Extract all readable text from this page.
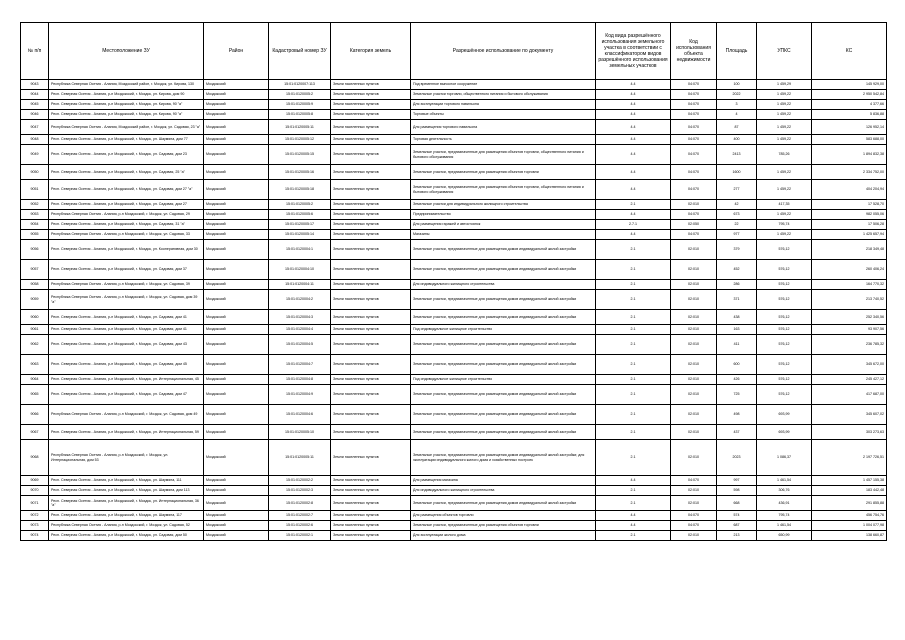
№ п/п	Местоположение ЗУ	Район	Кадастровый номер ЗУ	Категория земель	Разрешённое использование по документу	Код вида разрешённого использования земельного участка в соответствии с классификатором видов разрешённого использования земельных участков	Код использования объекта недвижимости	Площадь	УПКС	КС
9043	Республика Северная Осетия - Алания, Моздокский район, г. Моздок, ул. Кирова, 130	Моздокский	15:01:0120007:113	Земли населенных пунктов	Под временное выносное сооружение	4.4	04:070	100	1 459,29	145 929,00
9044	Респ. Северная Осетия - Алания, р-н Моздокский, г. Моздок, ул. Кирова, дом 90	Моздокский	15:01:0120005:2	Земли населенных пунктов	Земельные участки торговли, общественного питания и бытового обслуживания	4.4	04:070	2022	1 459,22	2 950 542,84
9045	Респ. Северная Осетия - Алания, р-н Моздокский, г. Моздок, ул. Кирова, 90 "а"	Моздокский	15:01:0120005:9	Земли населенных пунктов	Для эксплуатации торгового павильона	4.4	04:070	3	1 459,22	4 377,66
9046	Респ. Северная Осетия - Алания, р-н Моздокский, г. Моздок, ул. Кирова, 90 "а"	Моздокский	15:01:0120005:8	Земли населенных пунктов	Торговые объекты	4.4	04:070	4	1 459,22	5 836,88
9047	Республика Северная Осетия - Алания, Моздокский район, г. Моздок, ул. Садовая, 23 "а"	Моздокский	15:01:0120005:11	Земли населенных пунктов	Для размещения торгового павильона	4.4	04:070	87	1 459,22	126 952,14
9048	Респ. Северная Осетия - Алания, р-н Моздокский, г. Моздок, ул. Шаумяна, дом 77	Моздокский	15:01:0120005:12	Земли населенных пунктов	Торговая деятельность	4.4	04:070	400	1 459,22	583 688,00
9049	Респ. Северная Осетия - Алания, р-н Моздокский, г. Моздок, ул. Садовая, дом 23	Моздокский	15:01:0120005:15	Земли населенных пунктов	Земельные участки, предназначенные для размещения объектов торговли, общественного питания и бытового обслуживания	4.4	04:070	2413	785,26	1 894 832,38
9050	Респ. Северная Осетия - Алания, р-н Моздокский, г. Моздок, ул. Садовая, 25 "а"	Моздокский	15:01:0120005:16	Земли населенных пунктов	Земельные участки, предназначенные для размещения объектов торговли	4.4	04:070	1600	1 459,22	2 334 752,00
9051	Респ. Северная Осетия - Алания, р-н Моздокский, г. Моздок, ул. Садовая, дом 27 "а"	Моздокский	15:01:0120005:18	Земли населенных пунктов	Земельные участки, предназначенные для размещения объектов торговли, общественного питания и бытового обслуживания	4.4	04:070	277	1 459,22	404 204,94
9052	Респ. Северная Осетия - Алания, р-н Моздокский, г. Моздок, ул. Садовая, дом 27	Моздокский	15:01:0120005:2	Земли населенных пунктов	Земельные участки для индивидуального жилищного строительства	2.1	02:010	42	417,35	17 528,70
9053	Республика Северная Осетия - Алания, р-н Моздокский, г. Моздок, ул. Садовая, 29	Моздокский	15:01:0120005:6	Земли населенных пунктов	Предпринимательство	4.4	04:070	673	1 459,22	982 055,06
9054	Респ. Северная Осетия - Алания, р-н Моздокский, г. Моздок, ул. Садовая, 31 "а"	Моздокский	15:01:0120005:17	Земли населенных пунктов	Для размещения гаражей и автостоянок	2.7.1	02:050	22	795,74	17 506,28
9055	Республика Северная Осетия - Алания, р-н Моздокский, г. Моздок, ул. Садовая, 33	Моздокский	15:01:0120005:14	Земли населенных пунктов	Магазины	4.4	04:070	977	1 459,22	1 425 657,94
9056	Респ. Северная Осетия - Алания, р-н Моздокский, г. Моздок, ул. Кооперативная, дом 30	Моздокский	15:01:0120004:1	Земли населенных пунктов	Земельные участки, предназначенные для размещения домов индивидуальной жилой застройки	2.1	02:010	379	576,12	218 349,48
9057	Респ. Северная Осетия - Алания, р-н Моздокский, г. Моздок, ул. Садовая, дом 37	Моздокский	15:01:0120004:10	Земли населенных пунктов	Земельные участки, предназначенные для размещения домов индивидуальной жилой застройки	2.1	02:010	452	576,12	260 406,24
9058	Республика Северная Осетия - Алания, р-н Моздокский, г. Моздок, ул. Садовая, 39	Моздокский	15:01:0120004:11	Земли населенных пунктов	Для индивидуального жилищного строительства	2.1	02:010	286	576,12	164 770,32
9059	Республика Северная Осетия - Алания, р-н Моздокский, г. Моздок, ул. Садовая, дом 39 "а"	Моздокский	15:01:0120004:2	Земли населенных пунктов	Земельные участки, предназначенные для размещения домов индивидуальной жилой застройки	2.1	02:010	371	576,12	213 740,52
9060	Респ. Северная Осетия - Алания, р-н Моздокский, г. Моздок, ул. Садовая, дом 41	Моздокский	15:01:0120004:3	Земли населенных пунктов	Земельные участки, предназначенные для размещения домов индивидуальной жилой застройки	2.1	02:010	438	576,12	252 340,56
9061	Респ. Северная Осетия - Алания, р-н Моздокский, г. Моздок, ул. Садовая, дом 41	Моздокский	15:01:0120004:4	Земли населенных пунктов	Под индивидуальное жилищное строительство	2.1	02:010	163	576,12	93 907,56
9062	Респ. Северная Осетия - Алания, р-н Моздокский, г. Моздок, ул. Садовая, дом 43	Моздокский	15:01:0120004:5	Земли населенных пунктов	Земельные участки, предназначенные для размещения домов индивидуальной жилой застройки	2.1	02:010	411	576,12	236 785,32
9063	Респ. Северная Осетия - Алания, р-н Моздокский, г. Моздок, ул. Садовая, дом 45	Моздокский	15:01:0120004:7	Земли населенных пунктов	Земельные участки, предназначенные для размещения домов индивидуальной жилой застройки	2.1	02:010	600	576,12	345 672,00
9064	Респ. Северная Осетия - Алания, р-н Моздокский, г. Моздок, ул. Интернациональная, 45	Моздокский	15:01:0120004:8	Земли населенных пунктов	Под индивидуальное жилищное строительство	2.1	02:010	426	576,12	245 427,12
9065	Респ. Северная Осетия - Алания, р-н Моздокский, г. Моздок, ул. Садовая, дом 47	Моздокский	15:01:0120004:9	Земли населенных пунктов	Земельные участки, предназначенные для размещения домов индивидуальной жилой застройки	2.1	02:010	725	576,12	417 687,00
9066	Республика Северная Осетия - Алания, р-н Моздокский, г. Моздок, ул. Садовая, дом 49	Моздокский	15:01:0120004:6	Земли населенных пунктов	Земельные участки, предназначенные для размещения домов индивидуальной жилой застройки	2.1	02:010	498	693,99	345 607,02
9067	Респ. Северная Осетия - Алания, р-н Моздокский, г. Моздок, ул. Интернациональная, 59	Моздокский	15:01:0120005:10	Земли населенных пунктов	Земельные участки, предназначенные для размещения домов индивидуальной жилой застройки	2.1	02:010	437	693,99	303 273,63
9068	Республика Северная Осетия - Алания, р-н Моздокский, г. Моздок, ул. Интернациональная, дом 53	Моздокский	15:01:0120005:11	Земли населенных пунктов	Земельные участки, предназначенные для размещения домов индивидуальной жилой застройки; для эксплуатации индивидуального жилого дома и хозяйственных построек	2.1	02:010	2023	1 086,37	2 197 726,51
9069	Респ. Северная Осетия - Алания, р-н Моздокский, г. Моздок, ул. Шаумяна, 111	Моздокский	15:01:0120002:2	Земли населенных пунктов	Для размещения магазина	4.4	04:070	997	1 461,54	1 457 155,38
9070	Респ. Северная Осетия - Алания, р-н Моздокский, г. Моздок, ул. Шаумяна, дом 113	Моздокский	15:01:0120002:3	Земли населенных пунктов	Для индивидуального жилищного строительства	2.1	02:010	598	306,76	183 442,48
9071	Респ. Северная Осетия - Алания, р-н Моздокский, г. Моздок, ул. Интернациональная, 36 "а"	Моздокский	15:01:0120002:8	Земли населенных пунктов	Земельные участки, предназначенные для размещения домов индивидуальной жилой застройки	2.1	02:010	668	436,91	291 855,88
9072	Респ. Северная Осетия - Алания, р-н Моздокский, г. Моздок, ул. Шаумяна, 117	Моздокский	15:01:0120002:7	Земли населенных пунктов	Для размещения объектов торговли	4.4	04:070	574	795,74	456 754,76
9073	Республика Северная Осетия - Алания, р-н Моздокский, г. Моздок, ул. Садовая, 52	Моздокский	15:01:0120002:6	Земли населенных пунктов	Земельные участки, предназначенные для размещения объектов торговли	4.4	04:070	687	1 461,54	1 004 077,98
9074	Респ. Северная Осетия - Алания, р-н Моздокский, г. Моздок, ул. Садовая, дом 50	Моздокский	15:01:0120002:1	Земли населенных пунктов	Для эксплуатации жилого дома	2.1	02:010	213	650,99	138 660,87
